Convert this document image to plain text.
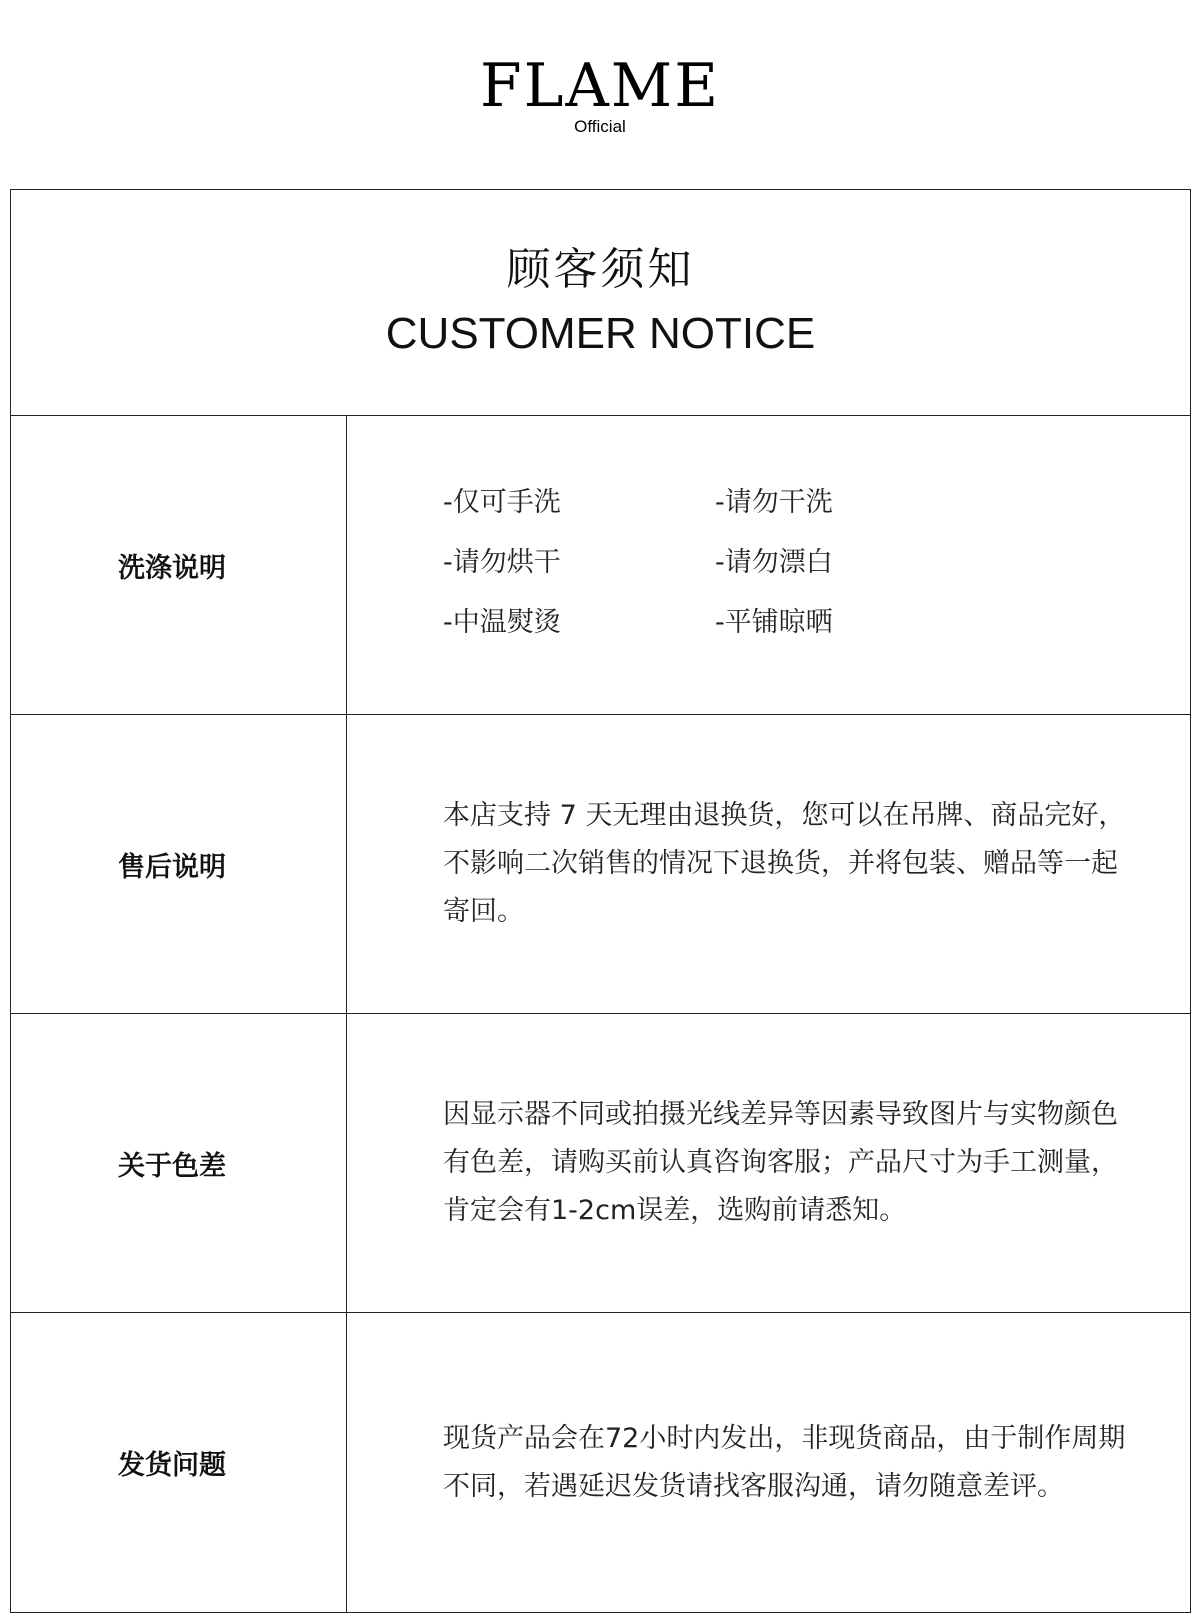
FLAME
Official
顾客须知
CUSTOMER NOTICE
洗涤说明
-仅可手洗	-请勿干洗
-请勿烘干	-请勿漂白
-中温熨烫	-平铺晾晒
售后说明

本店支持 7 天无理由退换货，您可以在吊牌、商品完好，不影响二次销售的情况下退换货，并将包装、赠品等一起寄回。

关于色差

因显示器不同或拍摄光线差异等因素导致图片与实物颜色有色差，请购买前认真咨询客服；产品尺寸为手工测量，肯定会有1-2cm误差，选购前请悉知。

发货问题

现货产品会在72小时内发出，非现货商品，由于制作周期不同，若遇延迟发货请找客服沟通，请勿随意差评。
